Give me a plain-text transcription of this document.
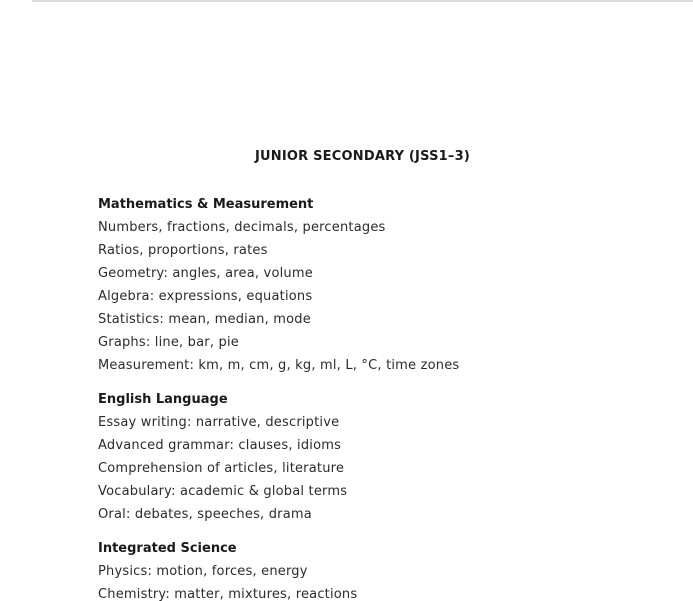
JUNIOR SECONDARY (JSS1–3)
Mathematics & Measurement
Numbers, fractions, decimals, percentages
Ratios, proportions, rates
Geometry: angles, area, volume
Algebra: expressions, equations
Statistics: mean, median, mode
Graphs: line, bar, pie
Measurement: km, m, cm, g, kg, ml, L, °C, time zones
English Language
Essay writing: narrative, descriptive
Advanced grammar: clauses, idioms
Comprehension of articles, literature
Vocabulary: academic & global terms
Oral: debates, speeches, drama
Integrated Science
Physics: motion, forces, energy
Chemistry: matter, mixtures, reactions
